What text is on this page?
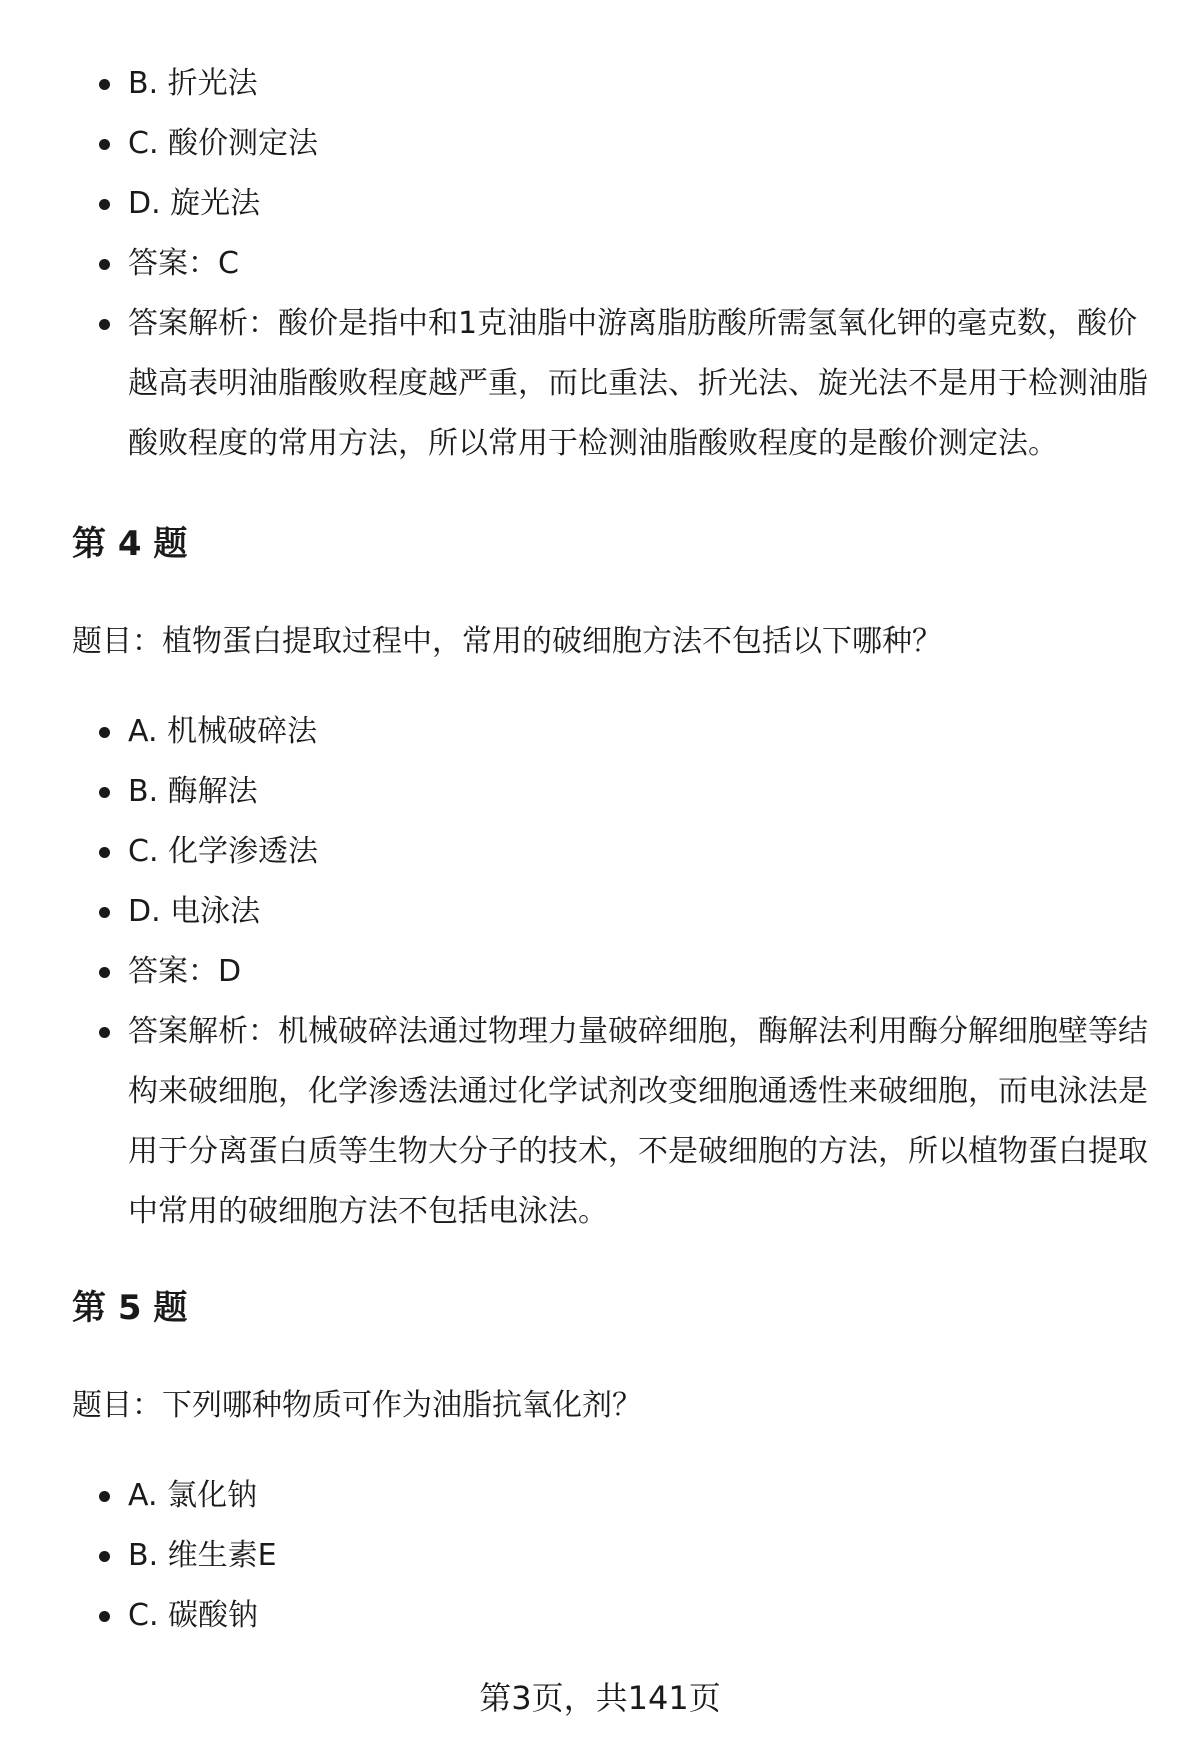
B. 折光法
C. 酸价测定法
D. 旋光法
答案：C
答案解析：酸价是指中和1克油脂中游离脂肪酸所需氢氧化钾的毫克数，酸价越高表明油脂酸败程度越严重，而比重法、折光法、旋光法不是用于检测油脂酸败程度的常用方法，所以常用于检测油脂酸败程度的是酸价测定法。
第 4 题

题目：植物蛋白提取过程中，常用的破细胞方法不包括以下哪种？

A. 机械破碎法
B. 酶解法
C. 化学渗透法
D. 电泳法
答案：D
答案解析：机械破碎法通过物理力量破碎细胞，酶解法利用酶分解细胞壁等结构来破细胞，化学渗透法通过化学试剂改变细胞通透性来破细胞，而电泳法是用于分离蛋白质等生物大分子的技术，不是破细胞的方法，所以植物蛋白提取中常用的破细胞方法不包括电泳法。
第 5 题

题目：下列哪种物质可作为油脂抗氧化剂？

A. 氯化钠
B. 维生素E
C. 碳酸钠
第3页，共141页
